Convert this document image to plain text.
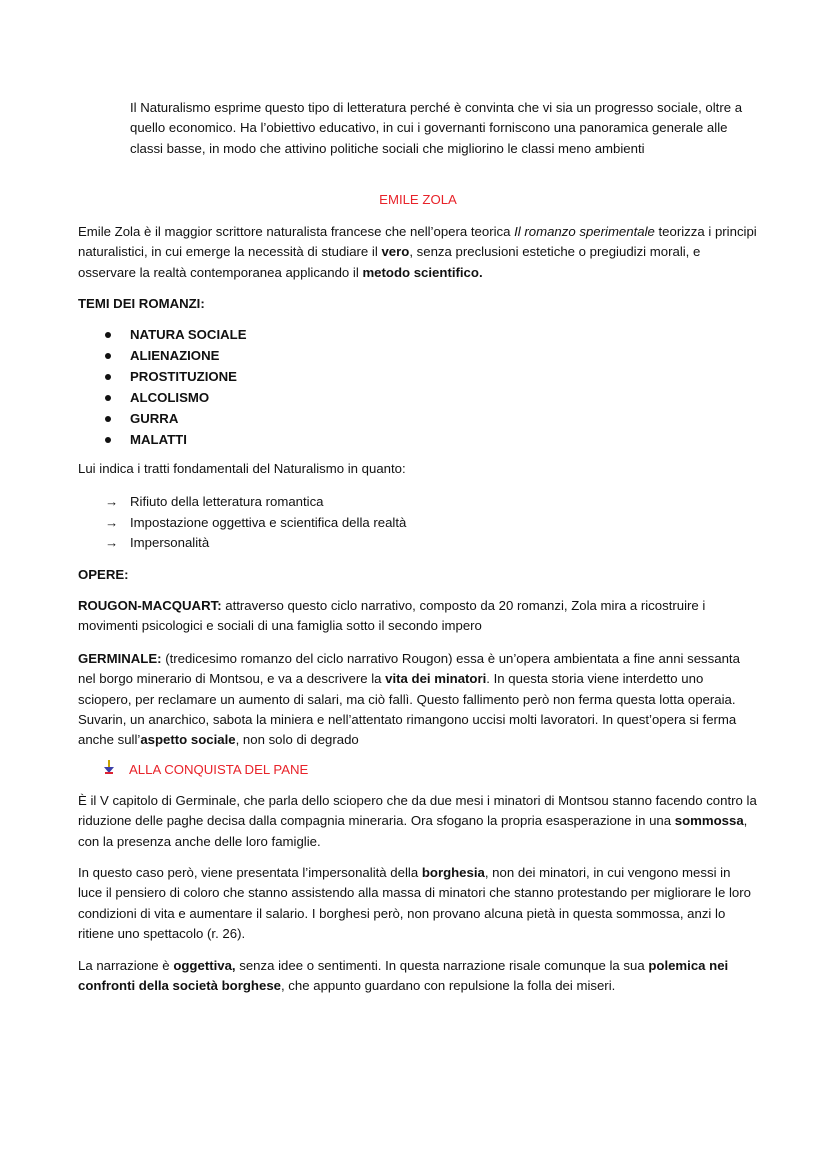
Il Naturalismo esprime questo tipo di letteratura perché è convinta che vi sia un progresso sociale, oltre a quello economico. Ha l’obiettivo educativo, in cui i governanti forniscono una panoramica generale alle classi basse, in modo che attivino politiche sociali che migliorino le classi meno ambienti
EMILE ZOLA
Emile Zola è il maggior scrittore naturalista francese che nell’opera teorica Il romanzo sperimentale teorizza i principi naturalistici, in cui emerge la necessità di studiare il vero, senza preclusioni estetiche o pregiudizi morali, e osservare la realtà contemporanea applicando il metodo scientifico.
TEMI DEI ROMANZI:
NATURA SOCIALE
ALIENAZIONE
PROSTITUZIONE
ALCOLISMO
GURRA
MALATTI
Lui indica i tratti fondamentali del Naturalismo in quanto:
→ Rifiuto della letteratura romantica
→ Impostazione oggettiva e scientifica della realtà
→ Impersonalità
OPERE:
ROUGON-MACQUART: attraverso questo ciclo narrativo, composto da 20 romanzi, Zola mira a ricostruire i movimenti psicologici e sociali di una famiglia sotto il secondo impero
GERMINALE: (tredicesimo romanzo del ciclo narrativo Rougon) essa è un’opera ambientata a fine anni sessanta nel borgo minerario di Montsou, e va a descrivere la vita dei minatori. In questa storia viene interdetto uno sciopero, per reclamare un aumento di salari, ma ciò fallì. Questo fallimento però non ferma questa lotta operaia. Suvarin, un anarchico, sabota la miniera e nell’attentato rimangono uccisi molti lavoratori. In quest’opera si ferma anche sull’aspetto sociale, non solo di degrado
ALLA CONQUISTA DEL PANE
È il V capitolo di Germinale, che parla dello sciopero che da due mesi i minatori di Montsou stanno facendo contro la riduzione delle paghe decisa dalla compagnia mineraria. Ora sfogano la propria esasperazione in una sommossa, con la presenza anche delle loro famiglie.
In questo caso però, viene presentata l’impersonalità della borghesia, non dei minatori, in cui vengono messi in luce il pensiero di coloro che stanno assistendo alla massa di minatori che stanno protestando per migliorare le loro condizioni di vita e aumentare il salario. I borghesi però, non provano alcuna pietà in questa sommossa, anzi lo ritiene uno spettacolo (r. 26).
La narrazione è oggettiva, senza idee o sentimenti. In questa narrazione risale comunque la sua polemica nei confronti della società borghese, che appunto guardano con repulsione la folla dei miseri.
